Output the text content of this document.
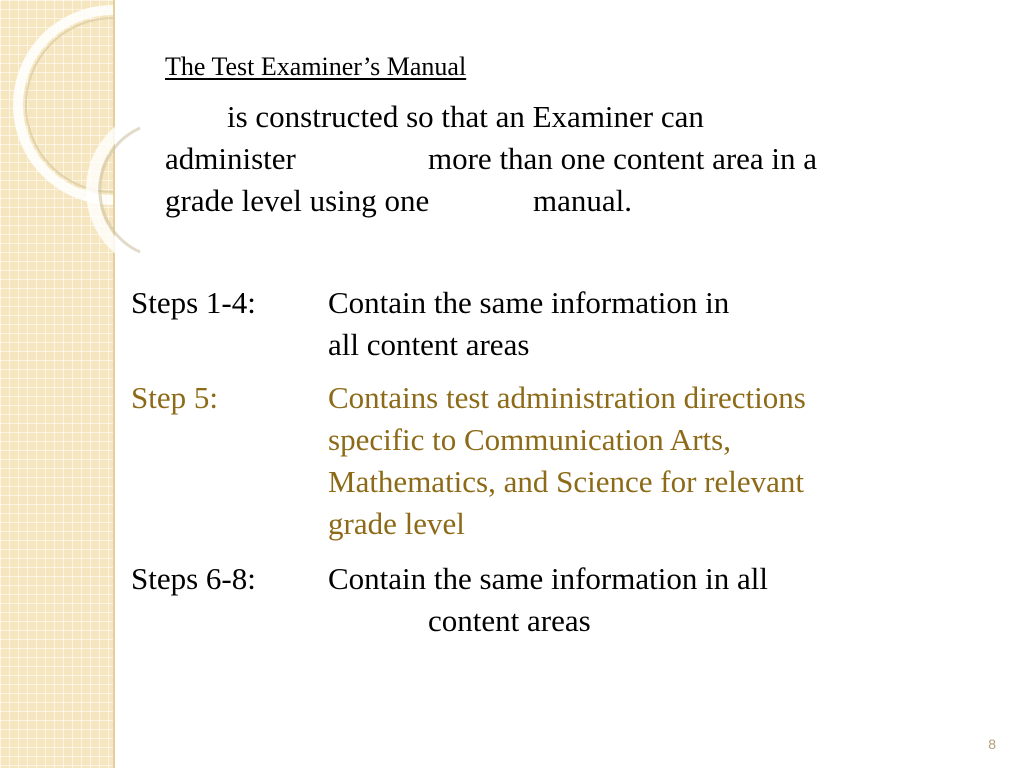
The Test Examiner’s Manual
is constructed so that an Examiner can
administer	more than one content area in a
grade level using one	manual.
Steps 1-4: Contain the same information in
all content areas
Step 5:	Contains test administration directions
specific to Communication Arts,
Mathematics, and Science for relevant
grade level
Steps 6-8: Contain the same information in all
content areas
8
